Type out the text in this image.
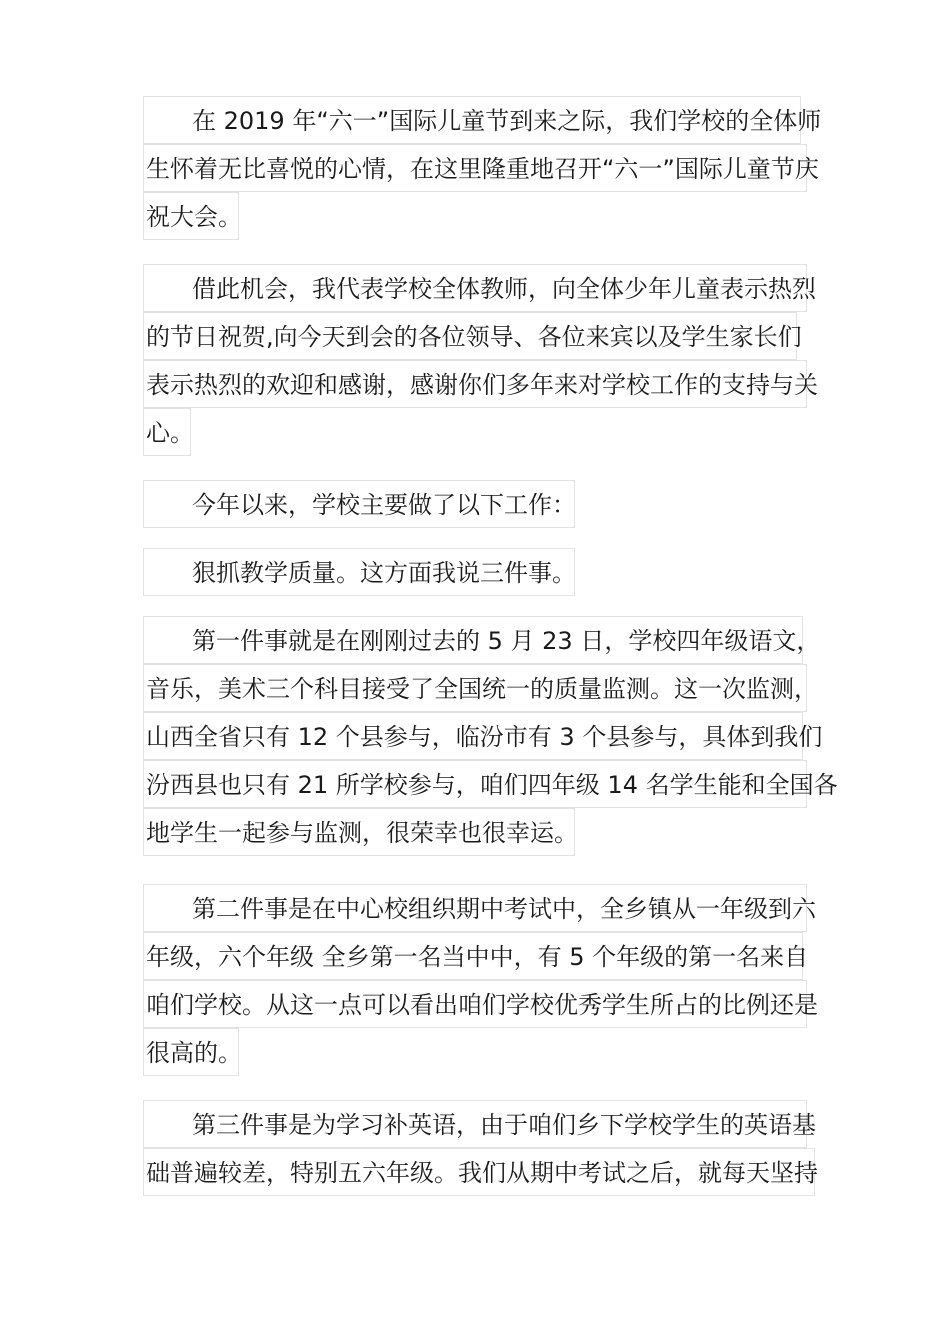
在 2019 年“六一”国际儿童节到来之际，我们学校的全体师
生怀着无比喜悦的心情，在这里隆重地召开“六一”国际儿童节庆
祝大会。
借此机会，我代表学校全体教师，向全体少年儿童表示热烈
的节日祝贺,向今天到会的各位领导、各位来宾以及学生家长们
表示热烈的欢迎和感谢，感谢你们多年来对学校工作的支持与关
心。
今年以来，学校主要做了以下工作：
狠抓教学质量。这方面我说三件事。
第一件事就是在刚刚过去的 5 月 23 日，学校四年级语文，
音乐，美术三个科目接受了全国统一的质量监测。这一次监测，
山西全省只有 12 个县参与，临汾市有 3 个县参与，具体到我们
汾西县也只有 21 所学校参与，咱们四年级 14 名学生能和全国各
地学生一起参与监测，很荣幸也很幸运。
第二件事是在中心校组织期中考试中，全乡镇从一年级到六
年级，六个年级 全乡第一名当中中，有 5 个年级的第一名来自
咱们学校。从这一点可以看出咱们学校优秀学生所占的比例还是
很高的。
第三件事是为学习补英语，由于咱们乡下学校学生的英语基
础普遍较差，特别五六年级。我们从期中考试之后，就每天坚持
